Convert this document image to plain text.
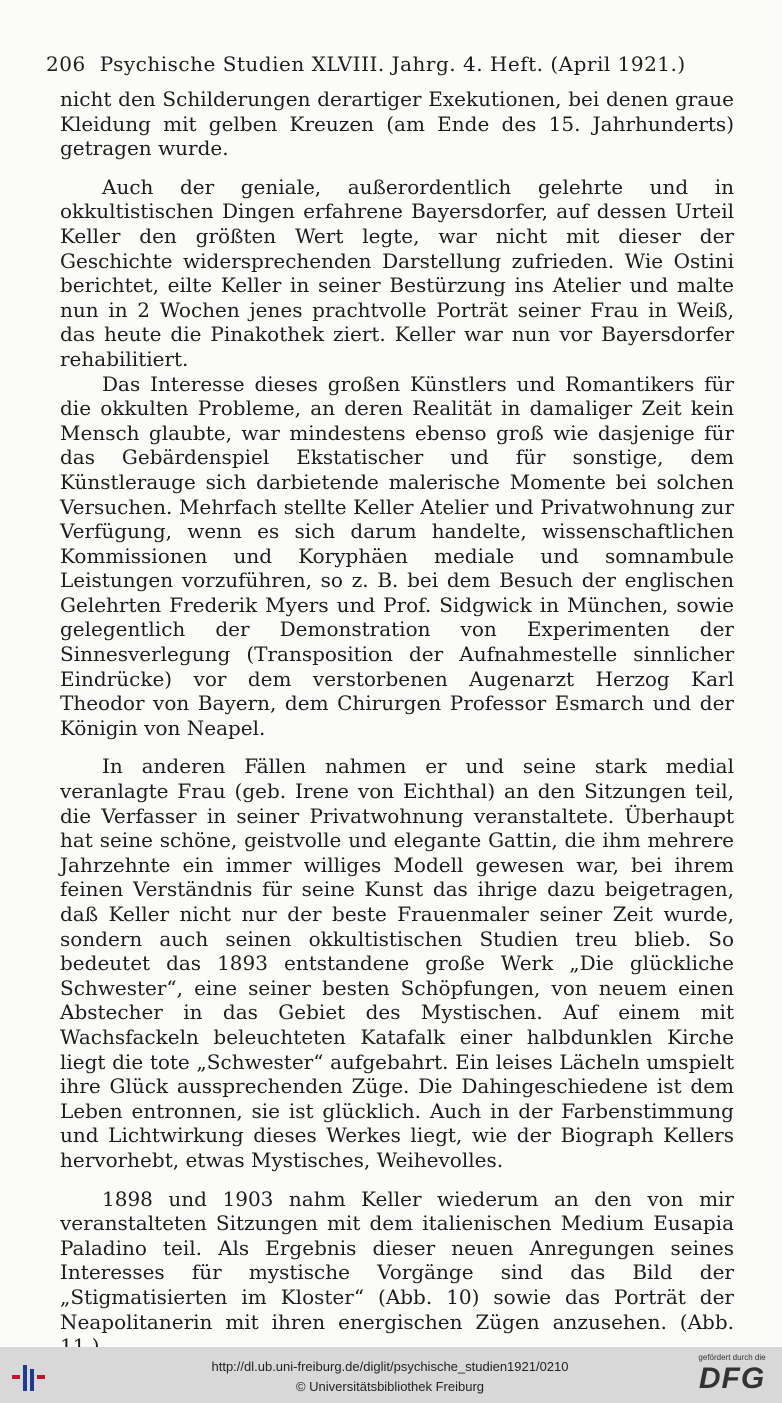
206 Psychische Studien XLVIII. Jahrg. 4. Heft. (April 1921.)

nicht den Schilderungen derartiger Exekutionen, bei denen graue Kleidung mit gelben Kreuzen (am Ende des 15. Jahrhunderts) getragen wurde.

Auch der geniale, außerordentlich gelehrte und in okkultistischen Dingen erfahrene Bayersdorfer, auf dessen Urteil Keller den größten Wert legte, war nicht mit dieser der Geschichte widersprechenden Darstellung zufrieden. Wie Ostini berichtet, eilte Keller in seiner Bestürzung ins Atelier und malte nun in 2 Wochen jenes prachtvolle Porträt seiner Frau in Weiß, das heute die Pinakothek ziert. Keller war nun vor Bayersdorfer rehabilitiert.

Das Interesse dieses großen Künstlers und Romantikers für die okkulten Probleme, an deren Realität in damaliger Zeit kein Mensch glaubte, war mindestens ebenso groß wie dasjenige für das Gebärdenspiel Ekstatischer und für sonstige, dem Künstlerauge sich darbietende malerische Momente bei solchen Versuchen. Mehrfach stellte Keller Atelier und Privatwohnung zur Verfügung, wenn es sich darum handelte, wissenschaftlichen Kommissionen und Koryphäen mediale und somnambule Leistungen vorzuführen, so z. B. bei dem Besuch der englischen Gelehrten Frederik Myers und Prof. Sidgwick in München, sowie gelegentlich der Demonstration von Experimenten der Sinnesverlegung (Transposition der Aufnahmestelle sinnlicher Eindrücke) vor dem verstorbenen Augenarzt Herzog Karl Theodor von Bayern, dem Chirurgen Professor Esmarch und der Königin von Neapel.

In anderen Fällen nahmen er und seine stark medial veranlagte Frau (geb. Irene von Eichthal) an den Sitzungen teil, die Verfasser in seiner Privatwohnung veranstaltete. Überhaupt hat seine schöne, geistvolle und elegante Gattin, die ihm mehrere Jahrzehnte ein immer williges Modell gewesen war, bei ihrem feinen Verständnis für seine Kunst das ihrige dazu beigetragen, daß Keller nicht nur der beste Frauenmaler seiner Zeit wurde, sondern auch seinen okkultistischen Studien treu blieb. So bedeutet das 1893 entstandene große Werk „Die glückliche Schwester“, eine seiner besten Schöpfungen, von neuem einen Abstecher in das Gebiet des Mystischen. Auf einem mit Wachsfackeln beleuchteten Katafalk einer halbdunklen Kirche liegt die tote „Schwester“ aufgebahrt. Ein leises Lächeln umspielt ihre Glück aussprechenden Züge. Die Dahingeschiedene ist dem Leben entronnen, sie ist glücklich. Auch in der Farbenstimmung und Lichtwirkung dieses Werkes liegt, wie der Biograph Kellers hervorhebt, etwas Mystisches, Weihevolles.

1898 und 1903 nahm Keller wiederum an den von mir veranstalteten Sitzungen mit dem italienischen Medium Eusapia Paladino teil. Als Ergebnis dieser neuen Anregungen seines Interesses für mystische Vorgänge sind das Bild der „Stigmatisierten im Kloster“ (Abb. 10) sowie das Porträt der Neapolitanerin mit ihren energischen Zügen anzusehen. (Abb.

http://dl.ub.uni-freiburg.de/diglit/psychische_studien1921/0210
© Universitätsbibliothek Freiburg
gefördert durch die
DFG
